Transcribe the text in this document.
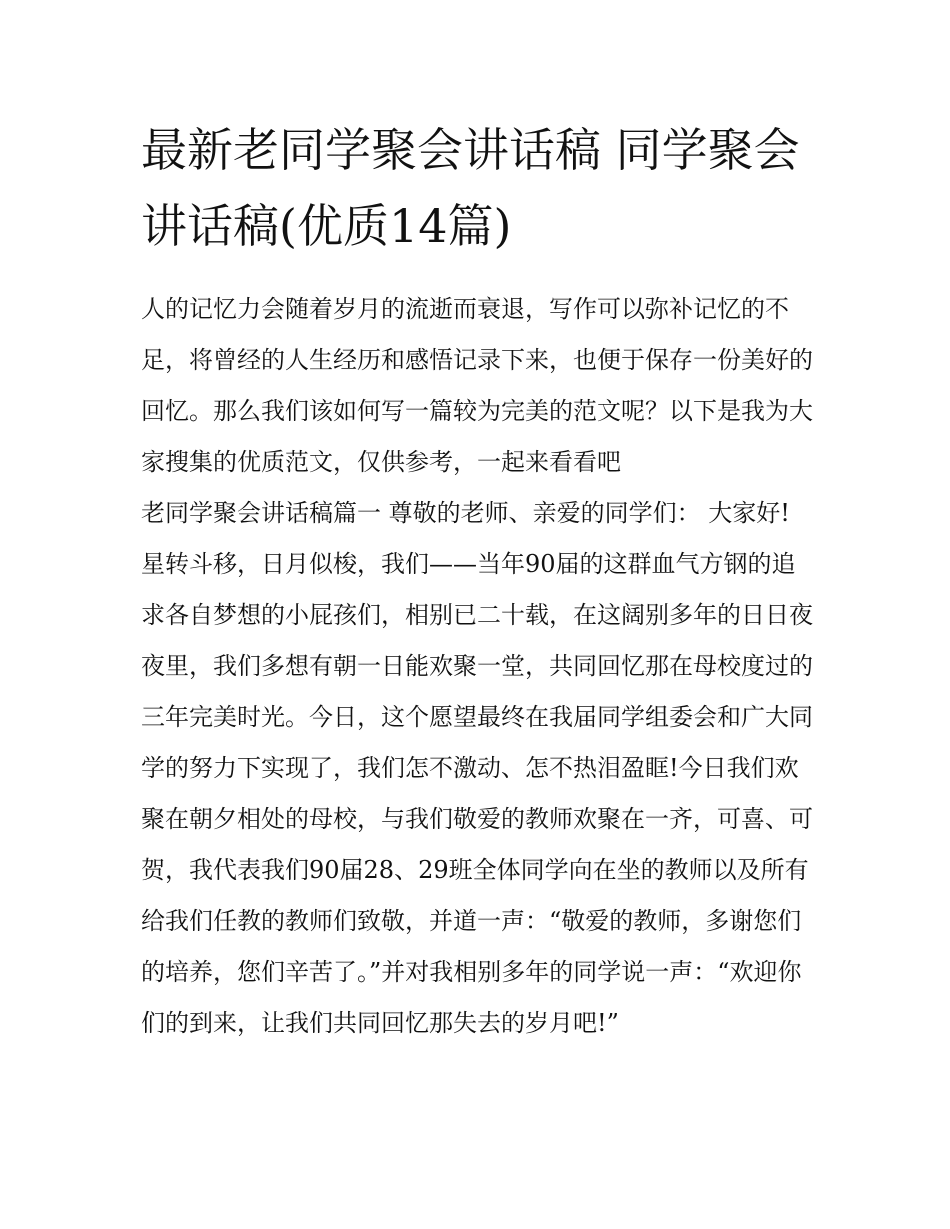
最新老同学聚会讲话稿 同学聚会讲话稿(优质14篇)

人的记忆力会随着岁月的流逝而衰退，写作可以弥补记忆的不足，将曾经的人生经历和感悟记录下来，也便于保存一份美好的回忆。那么我们该如何写一篇较为完美的范文呢？以下是我为大家搜集的优质范文，仅供参考，一起来看看吧

老同学聚会讲话稿篇一 尊敬的老师、亲爱的同学们： 大家好!星转斗移，日月似梭，我们——当年90届的这群血气方钢的追求各自梦想的小屁孩们，相别已二十载，在这阔别多年的日日夜夜里，我们多想有朝一日能欢聚一堂，共同回忆那在母校度过的三年完美时光。今日，这个愿望最终在我届同学组委会和广大同学的努力下实现了，我们怎不激动、怎不热泪盈眶!今日我们欢聚在朝夕相处的母校，与我们敬爱的教师欢聚在一齐，可喜、可贺，我代表我们90届28、29班全体同学向在坐的教师以及所有给我们任教的教师们致敬，并道一声：“敬爱的教师，多谢您们的培养，您们辛苦了。”并对我相别多年的同学说一声：“欢迎你们的到来，让我们共同回忆那失去的岁月吧!”
